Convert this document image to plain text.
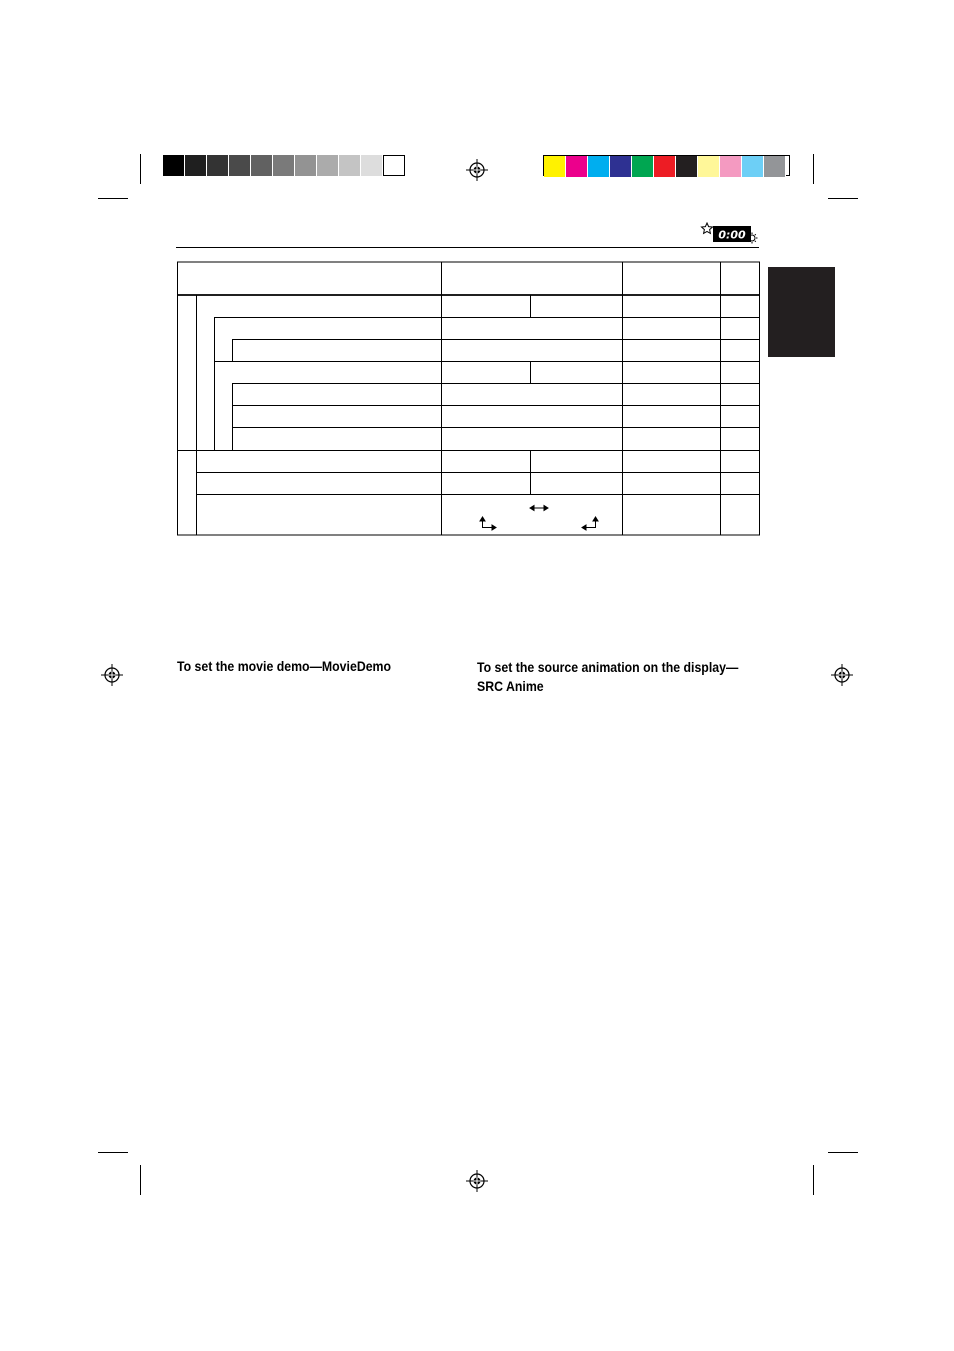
0:00
To set the movie demo—MovieDemo	To set the source animation on the display—
SRC Anime
